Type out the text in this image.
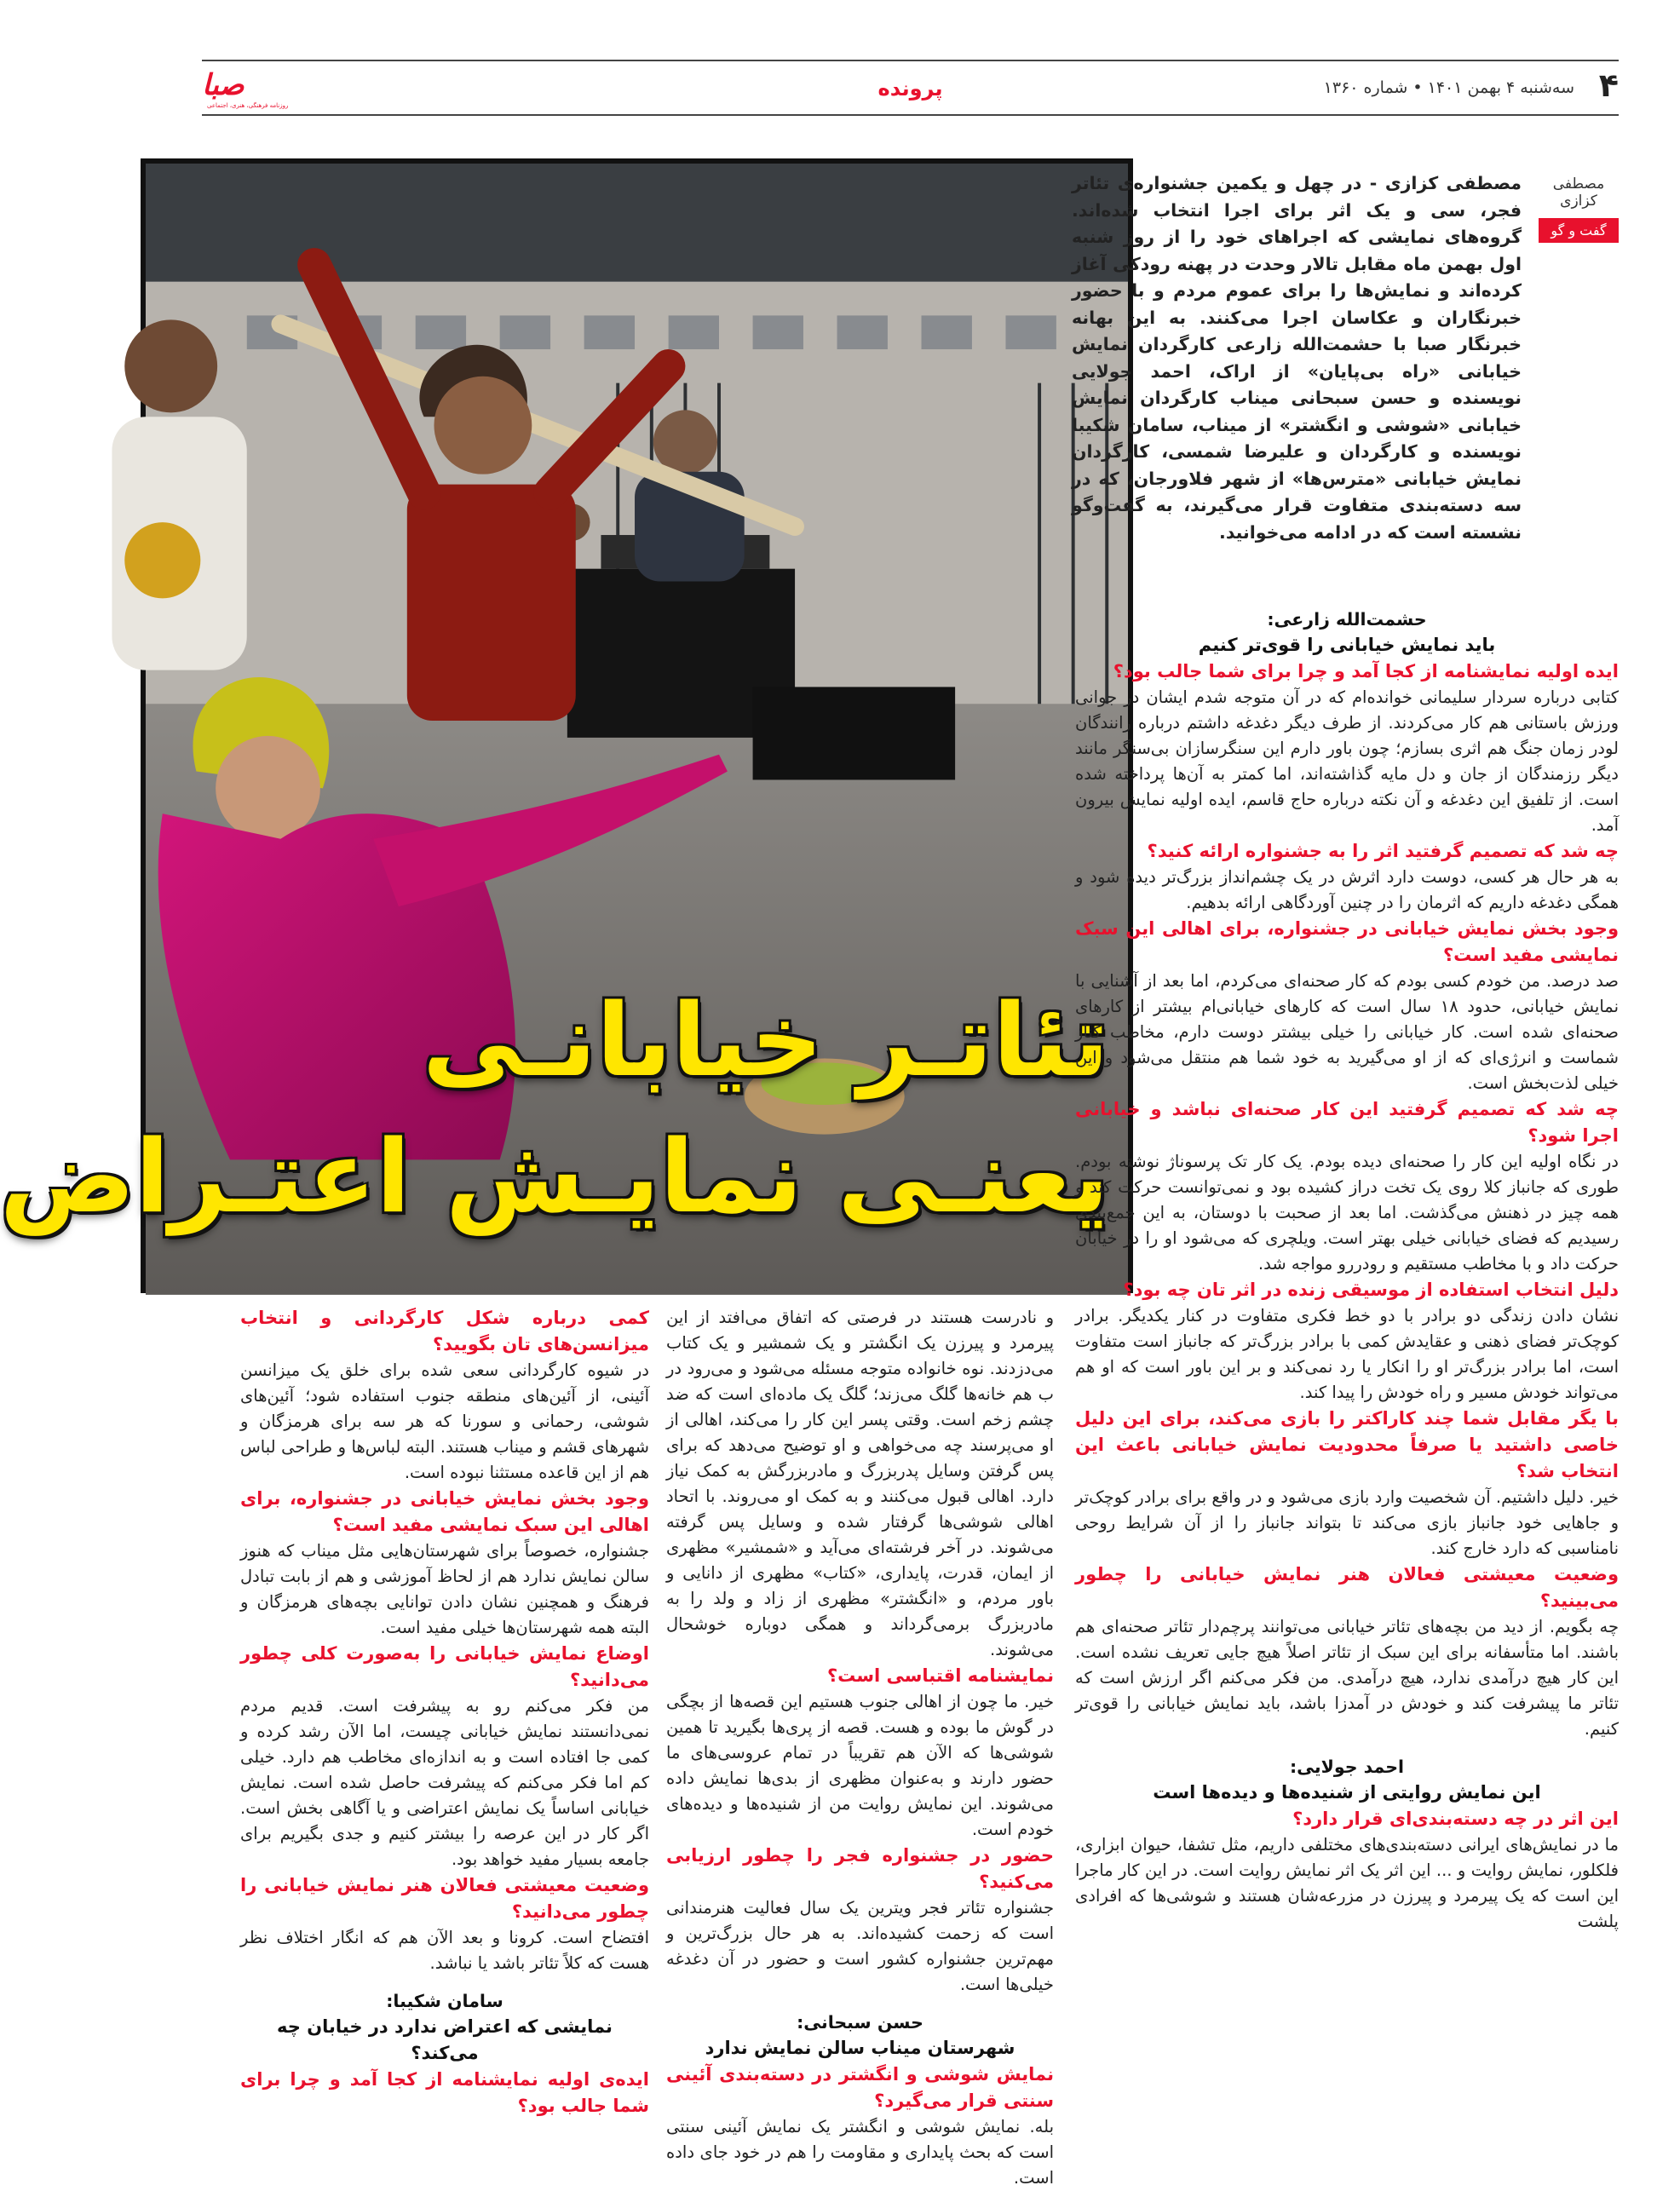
۴
سه‌شنبه ۴ بهمن ۱۴۰۱ • شماره ۱۳۶۰
پرونده
صبا
روزنامه فرهنگی، هنری، اجتماعی
تئاتـر خیابانـی
یعنـی نمایـش اعتـراض
مصطفی کزازی
گفت و گو

مصطفی کزازی - در چهل و یکمین جشنواره‌ی تئاتر فجر، سی و یک اثر برای اجرا انتخاب شده‌اند. گروه‌های نمایشی که اجراهای خود را از روز شنبه اول بهمن ماه مقابل تالار وحدت در پهنه رودکی آغاز کرده‌اند و نمایش‌ها را برای عموم مردم و با حضور خبرنگاران و عکاسان اجرا می‌کنند. به این بهانه خبرنگار صبا با حشمت‌الله زارعی کارگردان نمایش خیابانی «راه بی‌پایان» از اراک، احمد جولایی نویسنده و حسن سبحانی میناب کارگردان نمایش خیابانی «شوشی و انگشتر» از میناب، سامان شکیبا نویسنده و کارگردان و علیرضا شمسی، کارگردان نمایش خیابانی «مترس‌ها» از شهر فلاورجان، که در سه دسته‌بندی متفاوت قرار می‌گیرند، به گفت‌وگو نشسته است که در ادامه می‌خوانید.

حشمت‌الله زارعی:
باید نمایش خیابانی را قوی‌تر کنیم
ایده اولیه نمایشنامه از کجا آمد و چرا برای شما جالب بود؟

کتابی درباره سردار سلیمانی خوانده‌ام که در آن متوجه شدم ایشان در جوانی ورزش باستانی هم کار می‌کردند. از طرف دیگر دغدغه داشتم درباره رانندگان لودر زمان جنگ هم اثری بسازم؛ چون باور دارم این سنگرسازان بی‌سنگر مانند دیگر رزمندگان از جان و دل مایه گذاشته‌اند، اما کمتر به آن‌ها پرداخته شده است. از تلفیق این دغدغه و آن نکته درباره حاج قاسم، ایده اولیه نمایش بیرون آمد.

چه شد که تصمیم گرفتید اثر را به جشنواره ارائه کنید؟

به هر حال هر کسی، دوست دارد اثرش در یک چشم‌انداز بزرگ‌تر دیده شود و همگی دغدغه داریم که اثرمان را در چنین آوردگاهی ارائه بدهیم.

وجود بخش نمایش خیابانی در جشنواره، برای اهالی این سبک نمایشی مفید است؟

صد درصد. من خودم کسی بودم که کار صحنه‌ای می‌کردم، اما بعد از آشنایی با نمایش خیابانی، حدود ۱۸ سال است که کارهای خیابانی‌ام بیشتر از کارهای صحنه‌ای شده است. کار خیابانی را خیلی بیشتر دوست دارم، مخاطب کنار شماست و انرژی‌ای که از او می‌گیرید به خود شما هم منتقل می‌شود و این خیلی لذت‌بخش است.

چه شد که تصمیم گرفتید این کار صحنه‌ای نباشد و خیابانی اجرا شود؟

در نگاه اولیه این کار را صحنه‌ای دیده بودم. یک کار تک پرسوناژ نوشته بودم. طوری که جانباز کلا روی یک تخت دراز کشیده بود و نمی‌توانست حرکت کند و همه چیز در ذهنش می‌گذشت. اما بعد از صحبت با دوستان، به این جمع‌بندی رسیدیم که فضای خیابانی خیلی بهتر است. ویلچری که می‌شود او را در خیابان حرکت داد و با مخاطب مستقیم و رودررو مواجه شد.

دلیل انتخاب استفاده از موسیقی زنده در اثر تان چه بود؟

نشان دادن زندگی دو برادر با دو خط فکری متفاوت در کنار یکدیگر. برادر کوچک‌تر فضای ذهنی و عقایدش کمی با برادر بزرگ‌تر که جانباز است متفاوت است، اما برادر بزرگ‌تر او را انکار یا رد نمی‌کند و بر این باور است که او هم می‌تواند خودش مسیر و راه خودش را پیدا کند.

با یگر مقابل شما چند کاراکتر را بازی می‌کند، برای این دلیل خاصی داشتید یا صرفاً محدودیت نمایش خیابانی باعث این انتخاب شد؟

خیر. دلیل داشتیم. آن شخصیت وارد بازی می‌شود و در واقع برای برادر کوچک‌تر و جاهایی خود جانباز بازی می‌کند تا بتواند جانباز را از آن شرایط روحی نامناسبی که دارد خارج کند.

وضعیت معیشتی فعالان هنر نمایش خیابانی را چطور می‌بینید؟

چه بگویم. از دید من بچه‌های تئاتر خیابانی می‌توانند پرچم‌دار تئاتر صحنه‌ای هم باشند. اما متأسفانه برای این سبک از تئاتر اصلاً هیچ جایی تعریف نشده است. این کار هیچ درآمدی ندارد، هیچ درآمدی. من فکر می‌کنم اگر ارزش است که تئاتر ما پیشرفت کند و خودش در آمدزا باشد، باید نمایش خیابانی را قوی‌تر کنیم.

احمد جولایی:
این نمایش روایتی از شنیده‌ها و دیده‌ها است
این اثر در چه دسته‌بندی‌ای قرار دارد؟

ما در نمایش‌های ایرانی دسته‌بندی‌های مختلفی داریم، مثل تشفا، حیوان ابزاری، فلکلور، نمایش روایت و ... این اثر یک اثر نمایش روایت است. در این کار ماجرا این است که یک پیرمرد و پیرزن در مزرعه‌شان هستند و شوشی‌ها که افرادی پلشت

و نادرست هستند در فرصتی که اتفاق می‌افتد از این پیرمرد و پیرزن یک انگشتر و یک شمشیر و یک کتاب می‌دزدند. نوه خانواده متوجه مسئله می‌شود و می‌رود در ب هم خانه‌ها گلگ می‌زند؛ گلگ یک ماده‌ای است که ضد چشم زخم است. وقتی پسر این کار را می‌کند، اهالی از او می‌پرسند چه می‌خواهی و او توضیح می‌دهد که برای پس گرفتن وسایل پدربزرگ و مادربزرگش به کمک نیاز دارد. اهالی قبول می‌کنند و به کمک او می‌روند. با اتحاد اهالی شوشی‌ها گرفتار شده و وسایل پس گرفته می‌شوند. در آخر فرشته‌ای می‌آید و «شمشیر» مظهری از ایمان، قدرت، پایداری، «کتاب» مظهری از دانایی و باور مردم، و «انگشتر» مظهری از زاد و ولد را به مادربزرگ برمی‌گرداند و همگی دوباره خوشحال می‌شوند.

نمایشنامه اقتباسی است؟

خیر. ما چون از اهالی جنوب هستیم این قصه‌ها از بچگی در گوش ما بوده و هست. قصه از پری‌ها بگیرید تا همین شوشی‌ها که الآن هم تقریباً در تمام عروسی‌های ما حضور دارند و به‌عنوان مظهری از بدی‌ها نمایش داده می‌شوند. این نمایش روایت من از شنیده‌ها و دیده‌های خودم است.

حضور در جشنواره فجر را چطور ارزیابی می‌کنید؟

جشنواره تئاتر فجر ویترین یک سال فعالیت هنرمندانی است که زحمت کشیده‌اند. به هر حال بزرگ‌ترین و مهم‌ترین جشنواره کشور است و حضور در آن دغدغه خیلی‌ها است.

حسن سبحانی:
شهرستان میناب سالن نمایش ندارد
نمایش شوشی و انگشتر در دسته‌بندی آئینی سنتی قرار می‌گیرد؟

بله. نمایش شوشی و انگشتر یک نمایش آئینی سنتی است که بحث پایداری و مقاومت را هم در خود جای داده است.

کمی درباره شکل کارگردانی و انتخاب میزانسن‌های تان بگویید؟

در شیوه کارگردانی سعی شده برای خلق یک میزانسن آئینی، از آئین‌های منطقه جنوب استفاده شود؛ آئین‌های شوشی، رحمانی و سورنا که هر سه برای هرمزگان و شهرهای قشم و میناب هستند. البته لباس‌ها و طراحی لباس هم از این قاعده مستثنا نبوده است.

وجود بخش نمایش خیابانی در جشنواره، برای اهالی این سبک نمایشی مفید است؟

جشنواره، خصوصاً برای شهرستان‌هایی مثل میناب که هنوز سالن نمایش ندارد هم از لحاظ آموزشی و هم از بابت تبادل فرهنگ و همچنین نشان دادن توانایی بچه‌های هرمزگان و البته همه شهرستان‌ها خیلی مفید است.

اوضاع نمایش خیابانی را به‌صورت کلی چطور می‌دانید؟

من فکر می‌کنم رو به پیشرفت است. قدیم مردم نمی‌دانستند نمایش خیابانی چیست، اما الآن رشد کرده و کمی جا افتاده است و به اندازه‌ای مخاطب هم دارد. خیلی کم اما فکر می‌کنم که پیشرفت حاصل شده است. نمایش خیابانی اساساً یک نمایش اعتراضی و یا آگاهی بخش است. اگر کار در این عرصه را بیشتر کنیم و جدی بگیریم برای جامعه بسیار مفید خواهد بود.

وضعیت معیشتی فعالان هنر نمایش خیابانی را چطور می‌دانید؟

افتضاح است. کرونا و بعد الآن هم که انگار اختلاف نظر هست که کلاً تئاتر باشد یا نباشد.

سامان شکیبا:
نمایشی که اعتراض ندارد در خیابان چه می‌کند؟
ایده‌ی اولیه نمایشنامه از کجا آمد و چرا برای شما جالب بود؟
